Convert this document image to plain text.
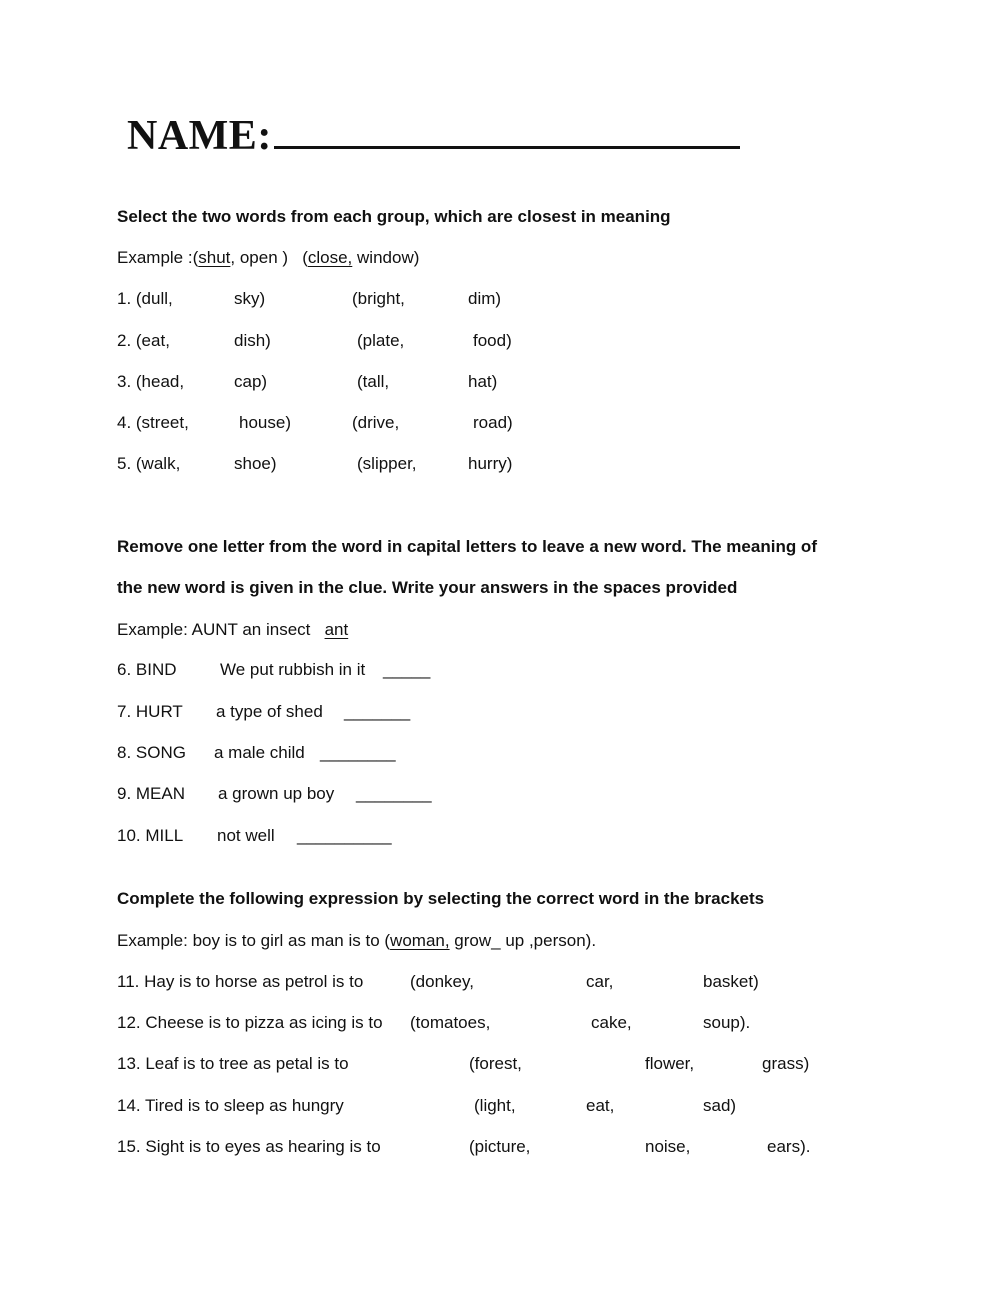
NAME:
Select the two words from each group, which are closest in meaning
Example :(shut, open )   (close, window)
1. (dull,	sky)	(bright,	dim)
2. (eat,	dish)	(plate,	food)
3. (head,	cap)	(tall,	hat)
4. (street,	house)	(drive,	road)
5. (walk,	shoe)	(slipper,	hurry)
Remove one letter from the word in capital letters to leave a new word. The meaning of
the new word is given in the clue. Write your answers in the spaces provided
Example: AUNT an insect ant
6. BIND	We put rubbish in it _____
7. HURT a type of shed _______
8. SONG a male child ________
9. MEAN a grown up boy ________
10. MILL not well __________
Complete the following expression by selecting the correct word in the brackets
Example: boy is to girl as man is to (woman, grow_ up ,person).
11. Hay is to horse as petrol is to	(donkey,	car,	basket)
12. Cheese is to pizza as icing is to (tomatoes,	cake,	soup).
13. Leaf is to tree as petal is to	(forest,	flower,	grass)
14. Tired is to sleep as hungry	(light,	eat,	sad)
15. Sight is to eyes as hearing is to	(picture,	noise,	ears).
